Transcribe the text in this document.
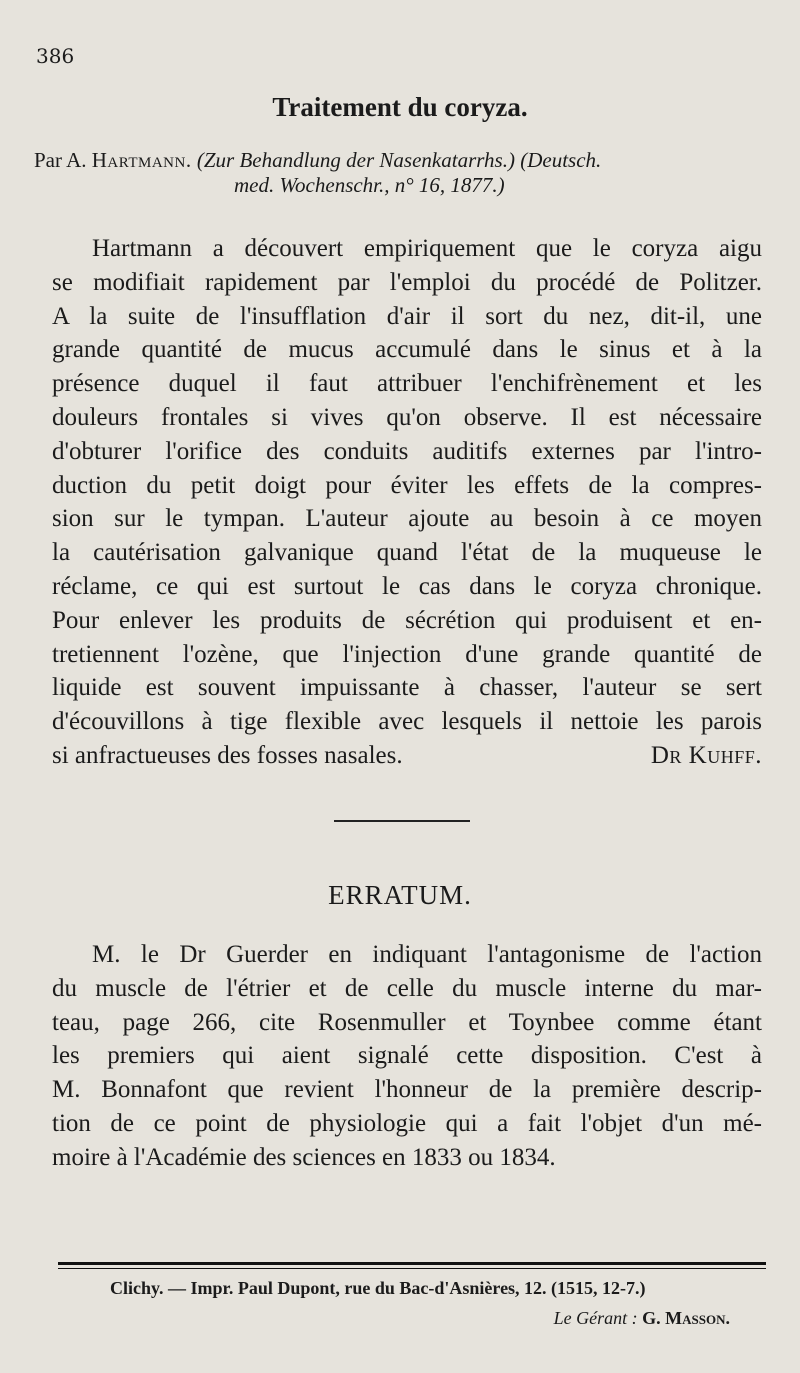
386
Traitement du coryza.
Par A. Hartmann. (Zur Behandlung der Nasenkatarrhs.) (Deutsch.
med. Wochenschr., n° 16, 1877.)
Hartmann a découvert empiriquement que le coryza aigu
se modifiait rapidement par l'emploi du procédé de Politzer.
A la suite de l'insufflation d'air il sort du nez, dit-il, une
grande quantité de mucus accumulé dans le sinus et à la
présence duquel il faut attribuer l'enchifrènement et les
douleurs frontales si vives qu'on observe. Il est nécessaire
d'obturer l'orifice des conduits auditifs externes par l'intro-
duction du petit doigt pour éviter les effets de la compres-
sion sur le tympan. L'auteur ajoute au besoin à ce moyen
la cautérisation galvanique quand l'état de la muqueuse le
réclame, ce qui est surtout le cas dans le coryza chronique.
Pour enlever les produits de sécrétion qui produisent et en-
tretiennent l'ozène, que l'injection d'une grande quantité de
liquide est souvent impuissante à chasser, l'auteur se sert
d'écouvillons à tige flexible avec lesquels il nettoie les parois
si anfractueuses des fosses nasales.	Dr Kuhff.
ERRATUM.
M. le Dr Guerder en indiquant l'antagonisme de l'action
du muscle de l'étrier et de celle du muscle interne du mar-
teau, page 266, cite Rosenmuller et Toynbee comme étant
les premiers qui aient signalé cette disposition. C'est à
M. Bonnafont que revient l'honneur de la première descrip-
tion de ce point de physiologie qui a fait l'objet d'un mé-
moire à l'Académie des sciences en 1833 ou 1834.
Clichy. — Impr. Paul Dupont, rue du Bac-d'Asnières, 12. (1515, 12-7.)
Le Gérant : G. Masson.
